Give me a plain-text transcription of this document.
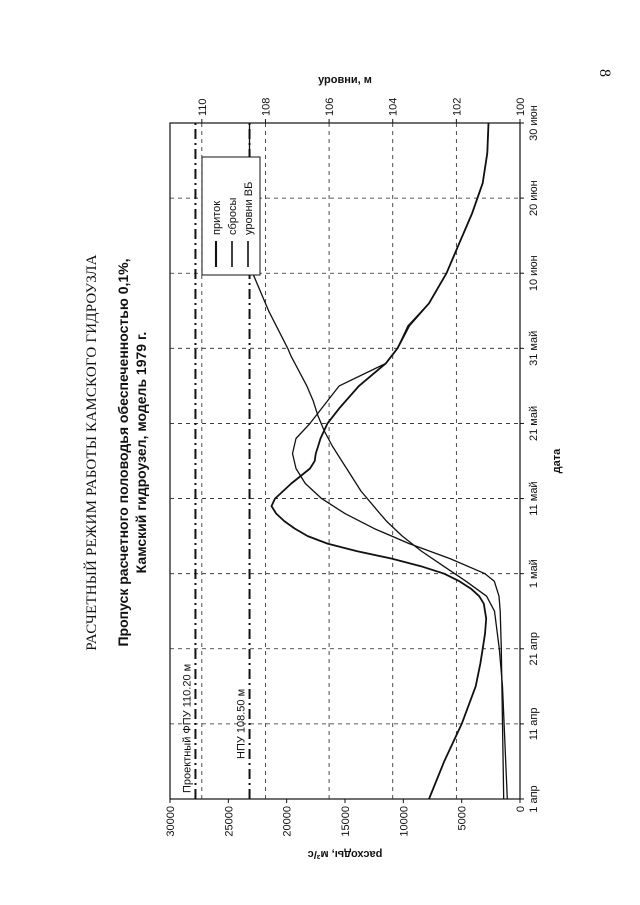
8
РАСЧЕТНЫЙ РЕЖИМ РАБОТЫ КАМСКОГО ГИДРОУЗЛА Пропуск расчетного половодья обеспеченностью 0,1%, Камский гидроузел, модель 1979 г.
1 апр
11 апр
21 апр
1 май
11 май
21 май
31 май
10 июн
20 июн
30 июн
0
5000
10000
15000
20000
25000
30000
100
102
104
106
108
110
Проектный ФПУ 110.20 м	НПУ 108.50 м
приток сбросы уровни ВБ
дата
расходы, м³/с
уровни, м
